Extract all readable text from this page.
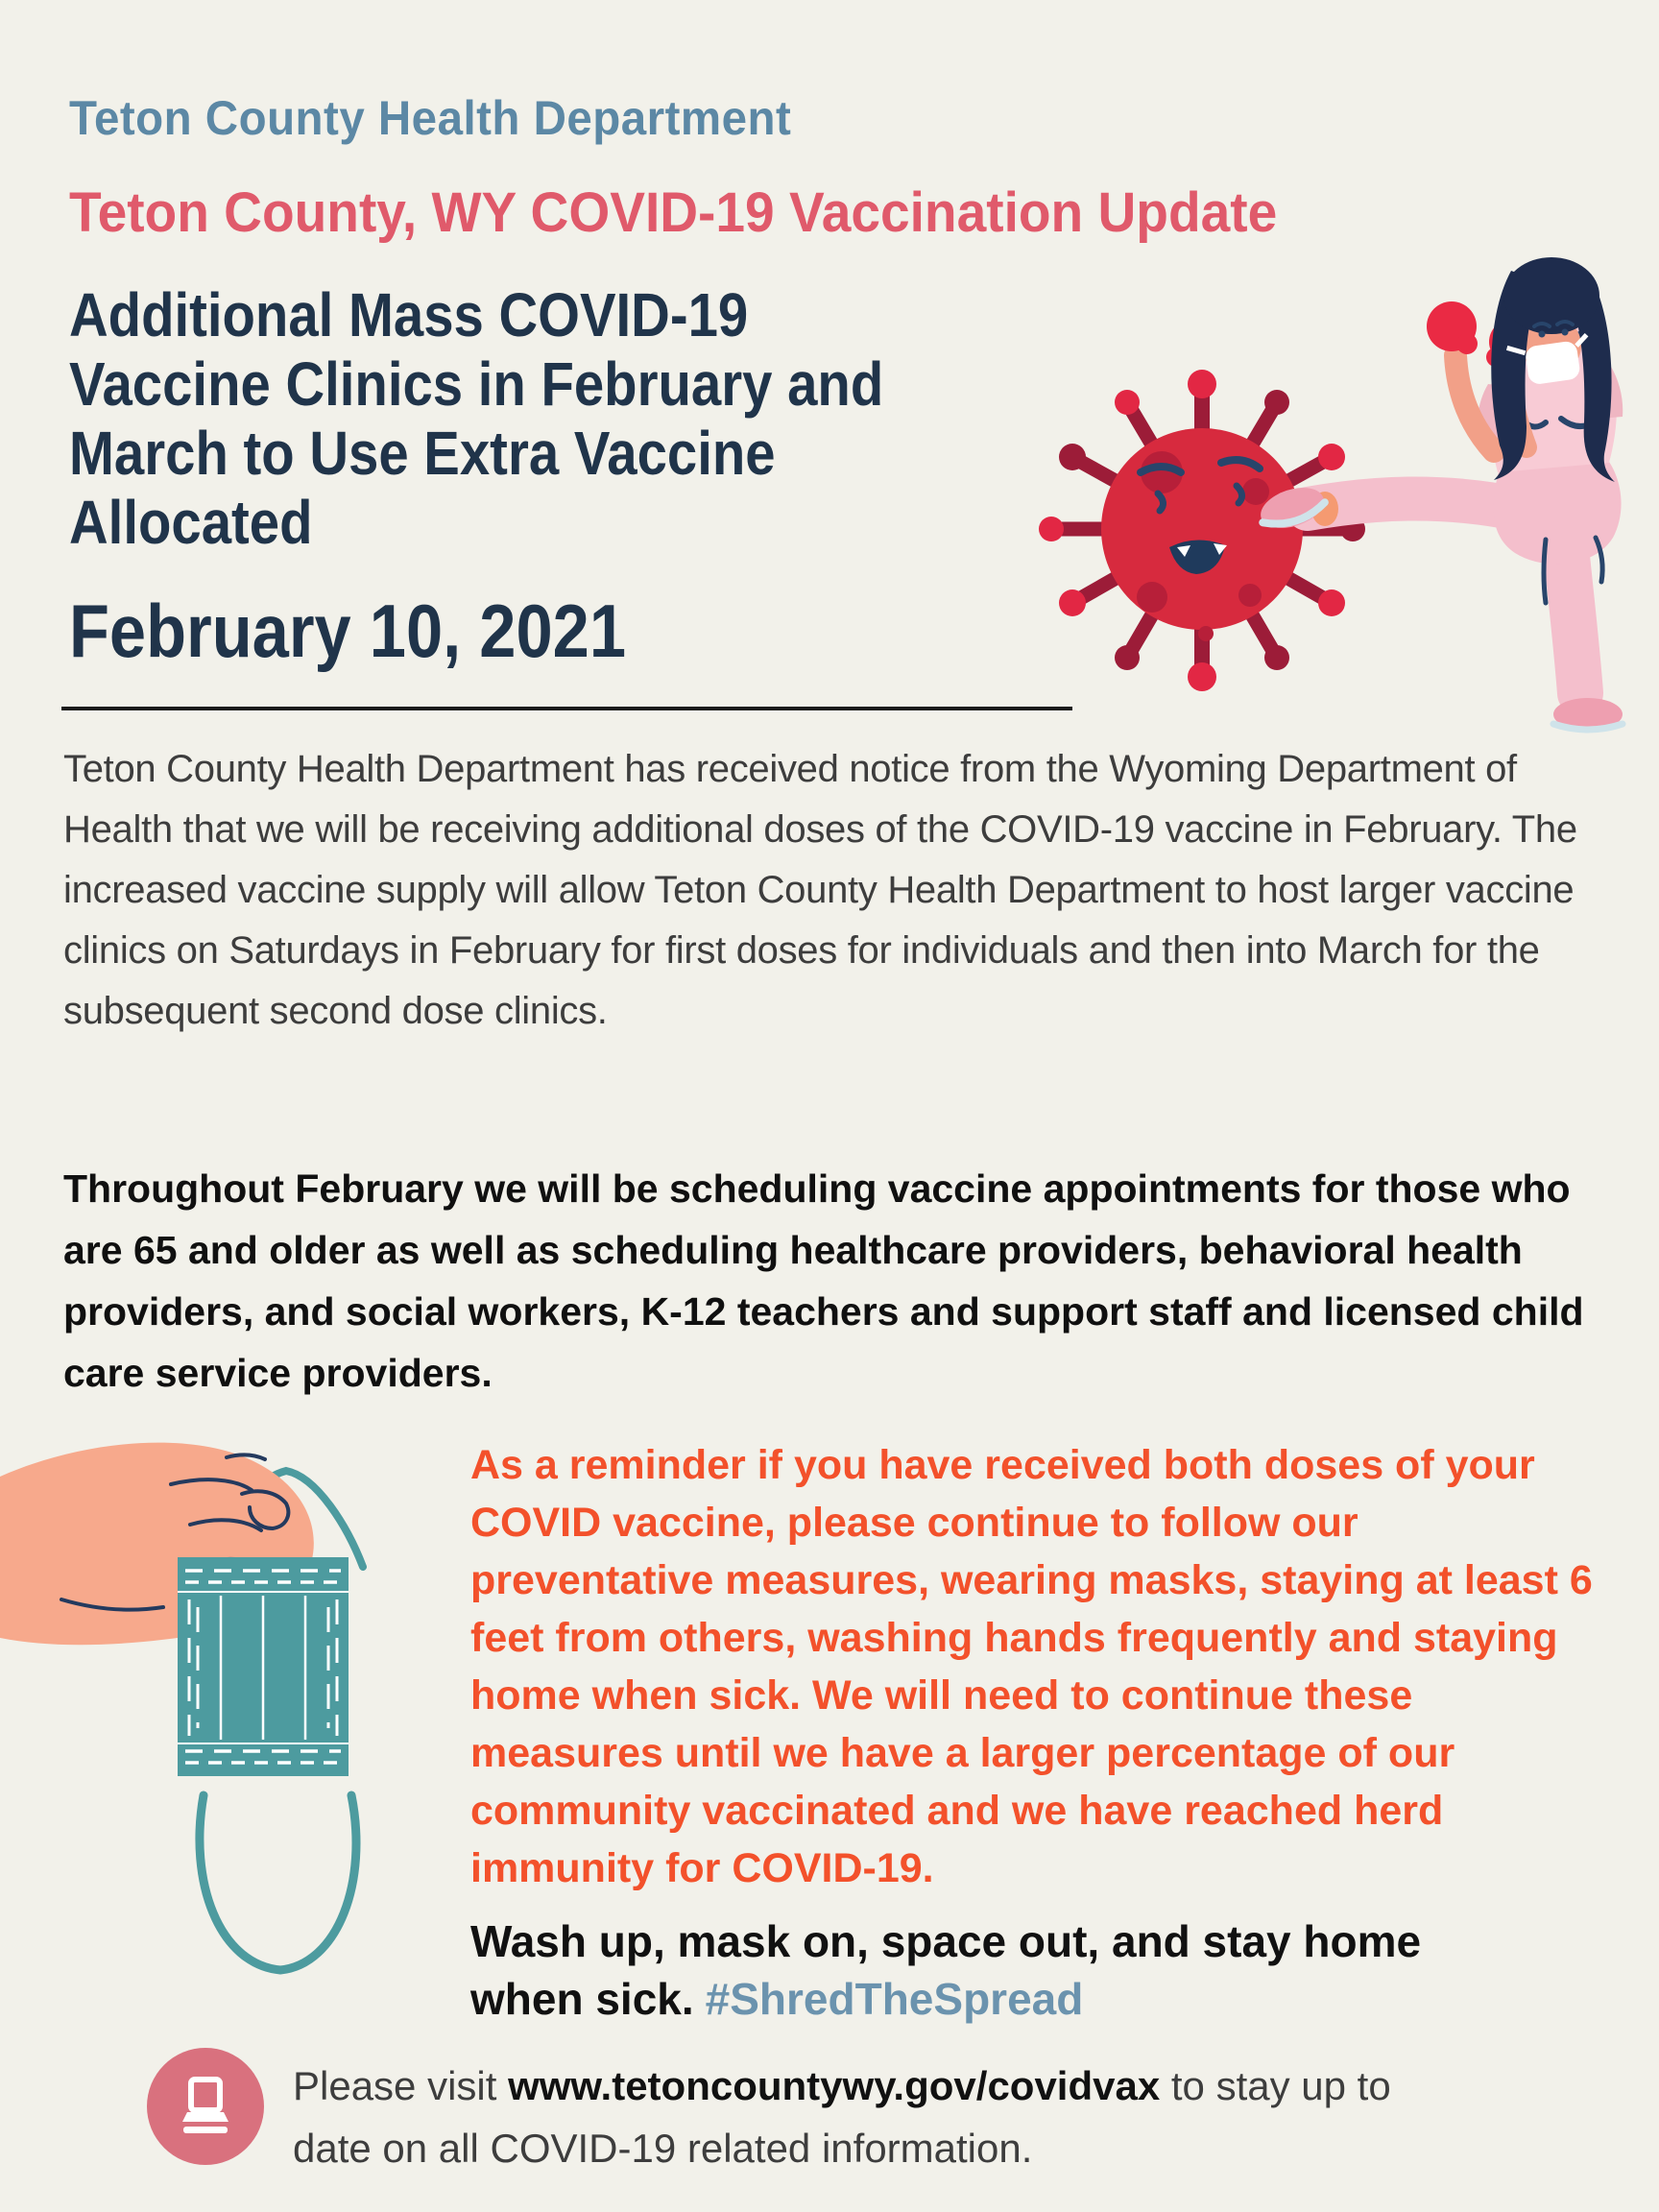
Teton County Health Department
Teton County, WY COVID-19 Vaccination Update
Additional Mass COVID-19
Vaccine Clinics in February and
March to Use Extra Vaccine
Allocated
February 10, 2021
Teton County Health Department has received notice from the Wyoming Department of Health that we will be receiving additional doses of the COVID-19 vaccine in February. The increased vaccine supply will allow Teton County Health Department to host larger vaccine clinics on Saturdays in February for first doses for individuals and then into March for the subsequent second dose clinics.
Throughout February we will be scheduling vaccine appointments for those who are 65 and older as well as scheduling healthcare providers, behavioral health providers, and social workers, K-12 teachers and support staff and licensed child care service providers.
As a reminder if you have received both doses of your COVID vaccine, please continue to follow our preventative measures, wearing masks, staying at least 6 feet from others, washing hands frequently and staying home when sick. We will need to continue these measures until we have a larger percentage of our community vaccinated and we have reached herd immunity for COVID-19.
Wash up, mask on, space out, and stay home when sick. #ShredTheSpread
Please visit www.tetoncountywy.gov/covidvax to stay up to date on all COVID-19 related information.
